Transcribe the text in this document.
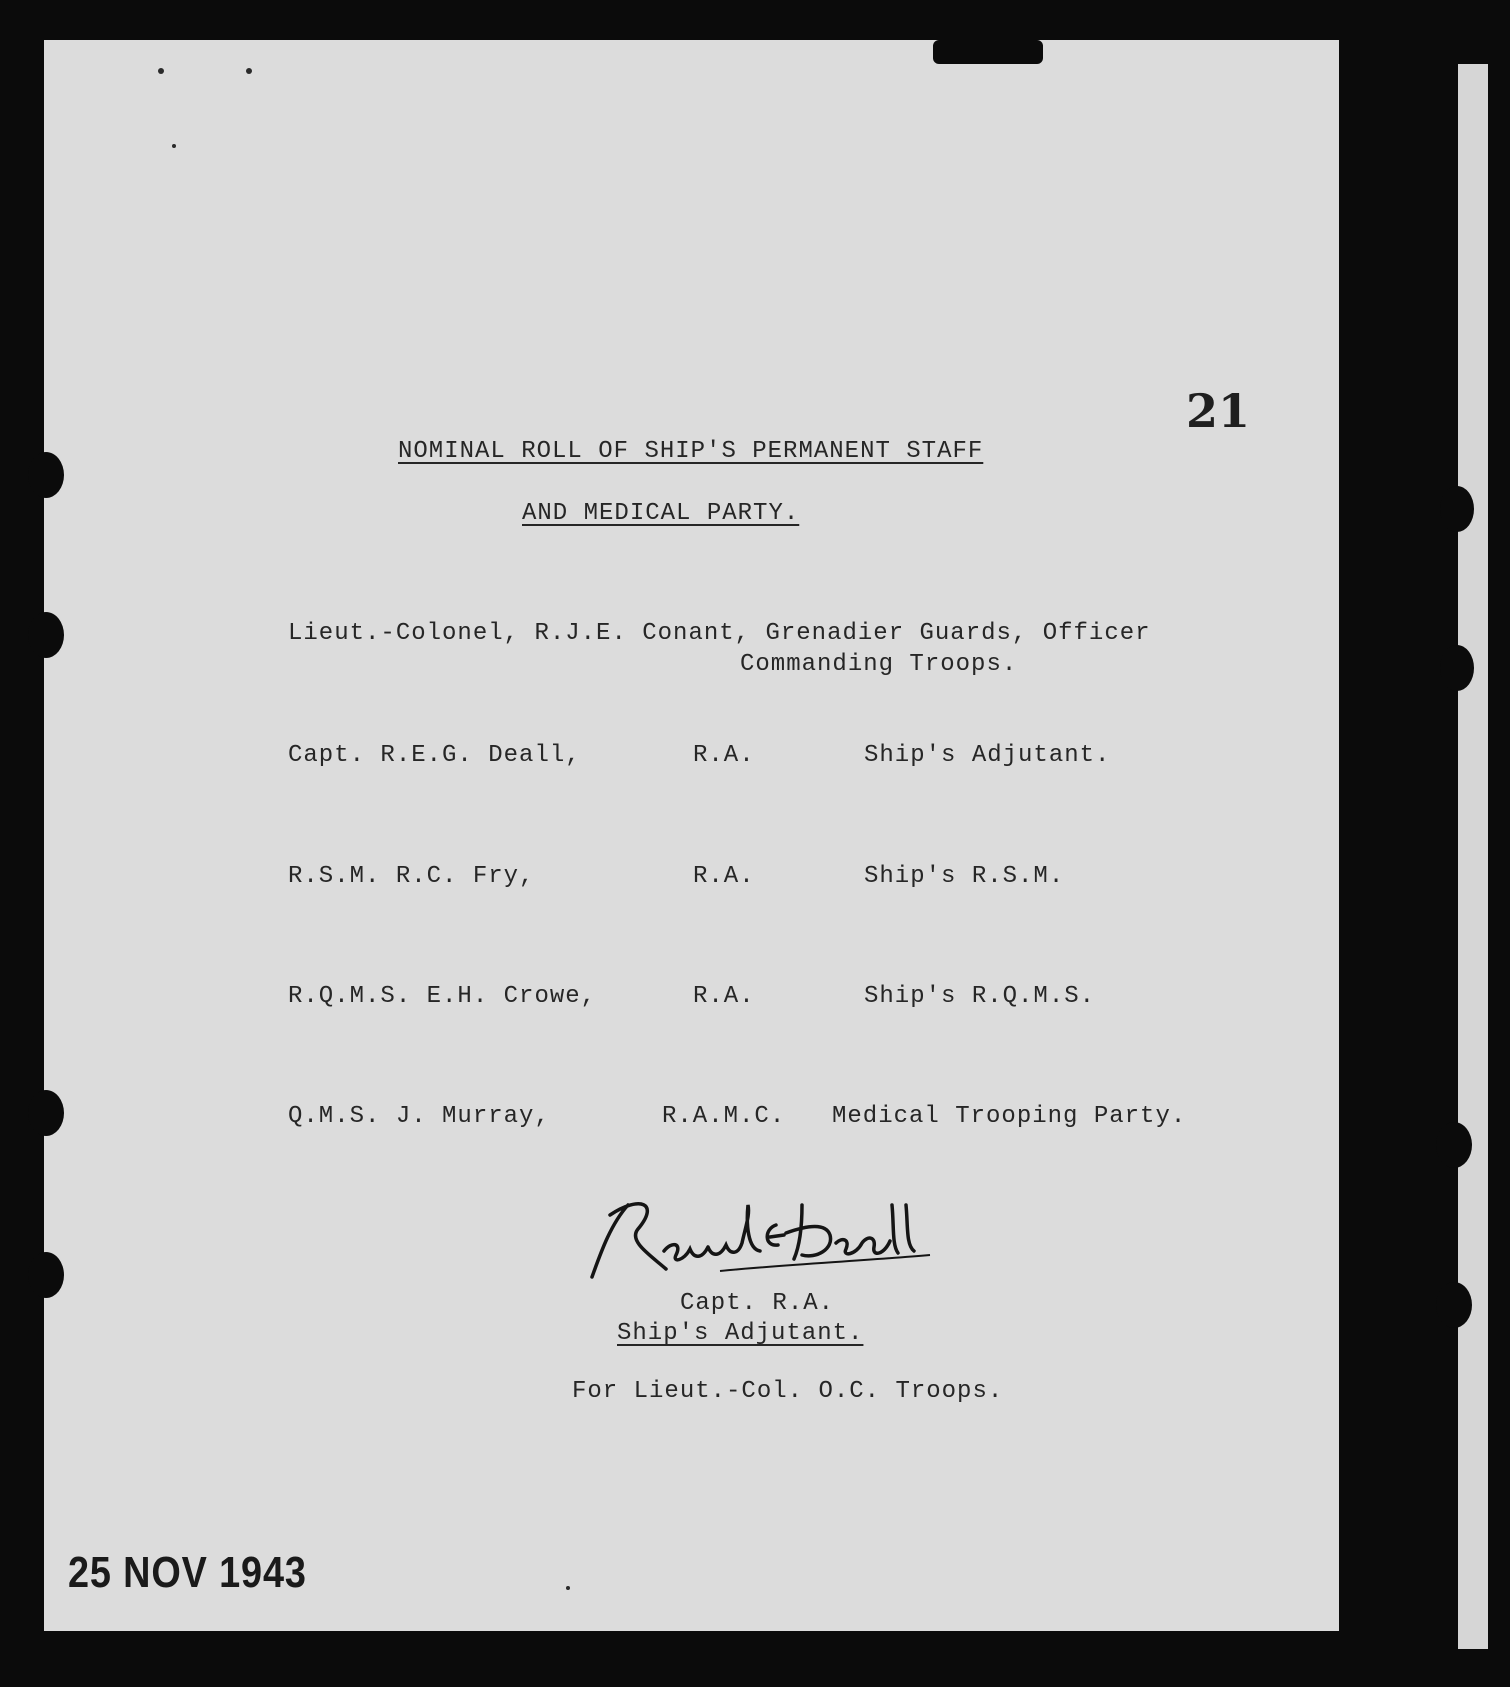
21
NOMINAL ROLL OF SHIP'S PERMANENT STAFF
AND MEDICAL PARTY.
Lieut.-Colonel, R.J.E. Conant, Grenadier Guards, Officer
Commanding Troops.
Capt. R.E.G. Deall,	R.A.	Ship's Adjutant.
R.S.M. R.C. Fry,	R.A.	Ship's R.S.M.
R.Q.M.S. E.H. Crowe,	R.A.	Ship's R.Q.M.S.
Q.M.S. J. Murray,	R.A.M.C. Medical Trooping Party.
Capt. R.A.
Ship's Adjutant.
For Lieut.-Col. O.C. Troops.
25 NOV 1943
